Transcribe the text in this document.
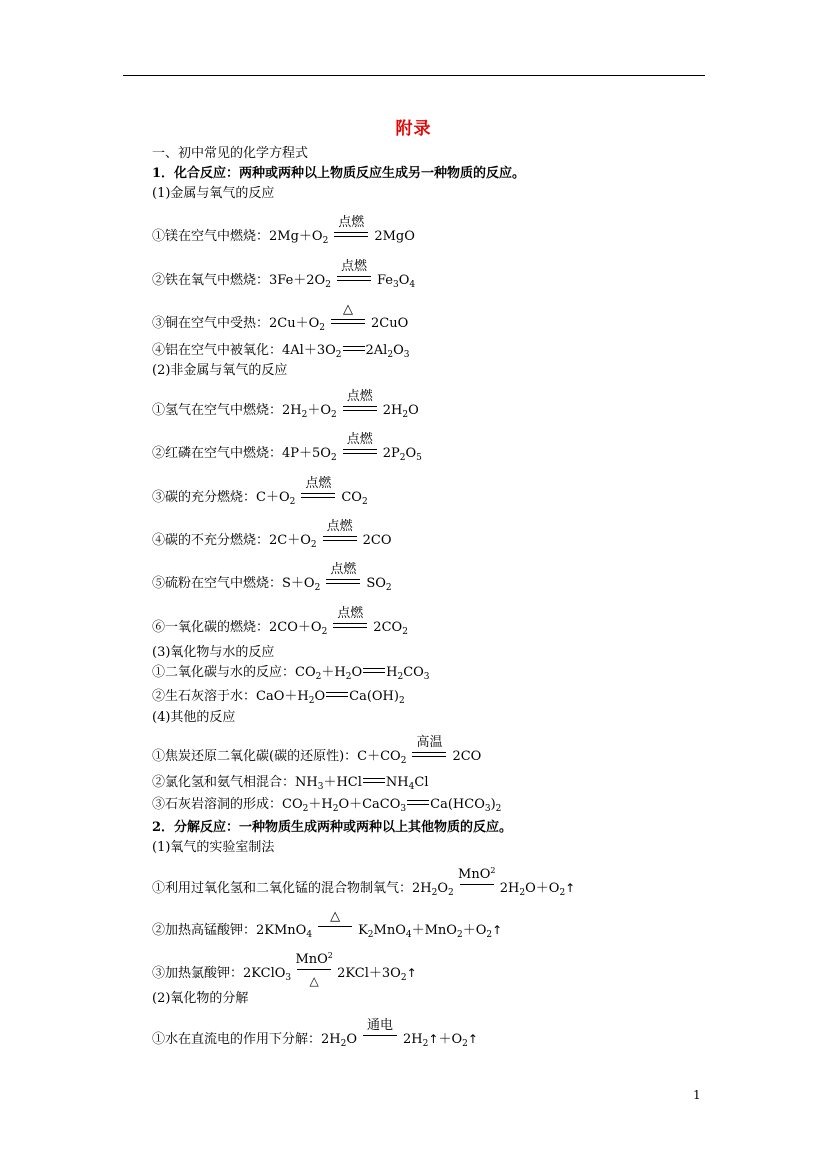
附录
一、初中常见的化学方程式
1．化合反应：两种或两种以上物质反应生成另一种物质的反应。
(1)金属与氧气的反应
①镁在空气中燃烧：$2Mg+O_2$
点燃
2MgO
②铁在氧气中燃烧：$3Fe+2O_2$
点燃
$Fe_3O_4$
③铜在空气中受热：$2Cu+O_2$
△
2CuO
④铝在空气中被氧化：$4Al+3O_2$ $2Al_2O_3$
(2)非金属与氧气的反应
①氢气在空气中燃烧：$2H_2+O_2$
点燃
$2H_2O$
②红磷在空气中燃烧：$4P+5O_2$
点燃
$2P_2O_5$
③碳的充分燃烧：$C+O_2$
点燃
$CO_2$
④碳的不充分燃烧：$2C+O_2$
点燃
2CO
⑤硫粉在空气中燃烧：$S+O_2$
点燃
$SO_2$
⑥一氧化碳的燃烧：$2CO+O_2$
点燃
$2CO_2$
(3)氧化物与水的反应
①二氧化碳与水的反应：$CO_2+H_2O$ $H_2CO_3$
②生石灰溶于水：$CaO+H_2O$ $Ca(OH)_2$
(4)其他的反应
①焦炭还原二氧化碳(碳的还原性)：$C+CO_2$
高温
2CO
②氯化氢和氨气相混合：$NH_3+HCl$ $NH_4Cl$
③石灰岩溶洞的形成：$CO_2+H_2O+CaCO_3$ $Ca(HCO_3)_2$
2．分解反应：一种物质生成两种或两种以上其他物质的反应。
(1)氧气的实验室制法
①利用过氧化氢和二氧化锰的混合物制氧气：$2H_2O_2$
MnO$^2$
$2H_2O+O_2↑$
②加热高锰酸钾：2KMnO$_4$
△
$K_2MnO_4+MnO_2+O_2↑$
③加热氯酸钾：2KClO$_3$
MnO$^2$
△	$2KCl+3O_2↑$
(2)氧化物的分解
①水在直流电的作用下分解：$2H_2O$
通电
$2H_2↑+O_2↑$
1
